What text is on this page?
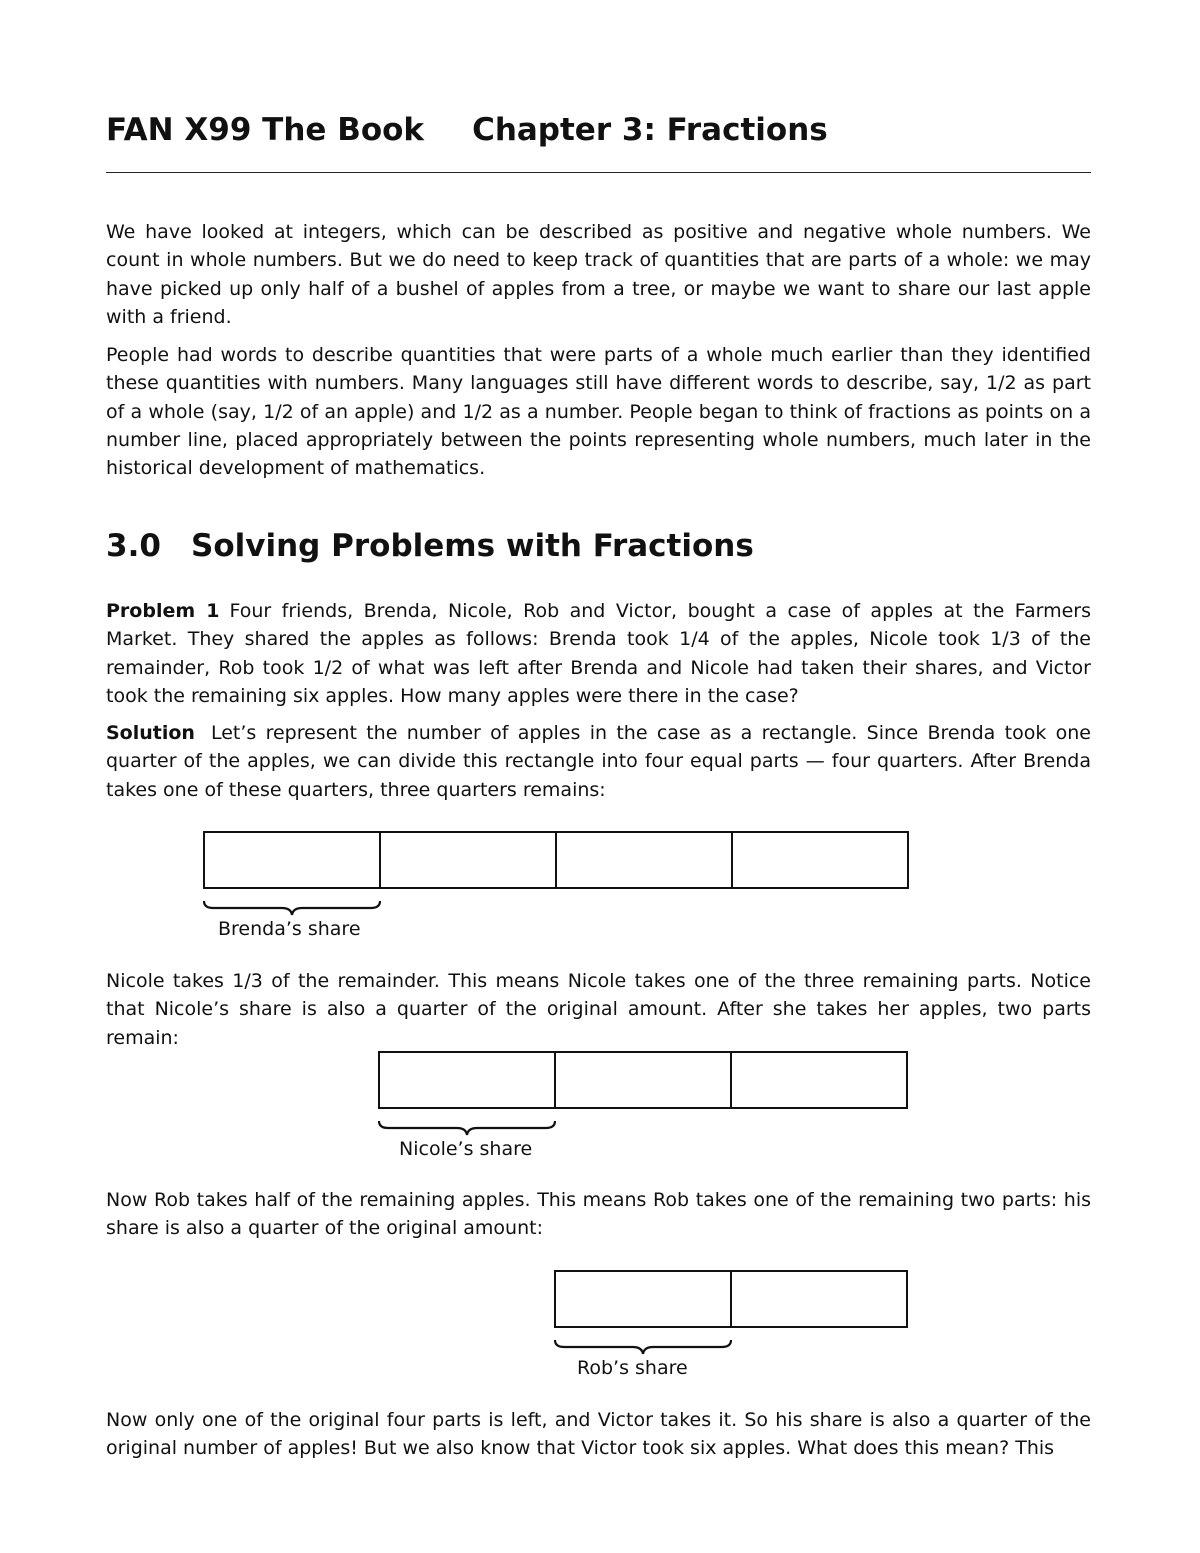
FAN X99 The Book Chapter 3: Fractions

We have looked at integers, which can be described as positive and negative whole numbers. We count in whole numbers. But we do need to keep track of quantities that are parts of a whole: we may have picked up only half of a bushel of apples from a tree, or maybe we want to share our last apple with a friend.

People had words to describe quantities that were parts of a whole much earlier than they identified these quantities with numbers. Many languages still have different words to describe, say, 1/2 as part of a whole (say, 1/2 of an apple) and 1/2 as a number. People began to think of fractions as points on a number line, placed appropriately between the points representing whole numbers, much later in the historical development of mathematics.

3.0 Solving Problems with Fractions

Problem 1 Four friends, Brenda, Nicole, Rob and Victor, bought a case of apples at the Farmers Market. They shared the apples as follows: Brenda took 1/4 of the apples, Nicole took 1/3 of the remainder, Rob took 1/2 of what was left after Brenda and Nicole had taken their shares, and Victor took the remaining six apples. How many apples were there in the case?

Solution Let’s represent the number of apples in the case as a rectangle. Since Brenda took one quarter of the apples, we can divide this rectangle into four equal parts — four quarters. After Brenda takes one of these quarters, three quarters remains:

Brenda’s share

Nicole takes 1/3 of the remainder. This means Nicole takes one of the three remaining parts. Notice that Nicole’s share is also a quarter of the original amount. After she takes her apples, two parts remain:

Nicole’s share

Now Rob takes half of the remaining apples. This means Rob takes one of the remaining two parts: his share is also a quarter of the original amount:

Rob’s share

Now only one of the original four parts is left, and Victor takes it. So his share is also a quarter of the original number of apples! But we also know that Victor took six apples. What does this mean? This
